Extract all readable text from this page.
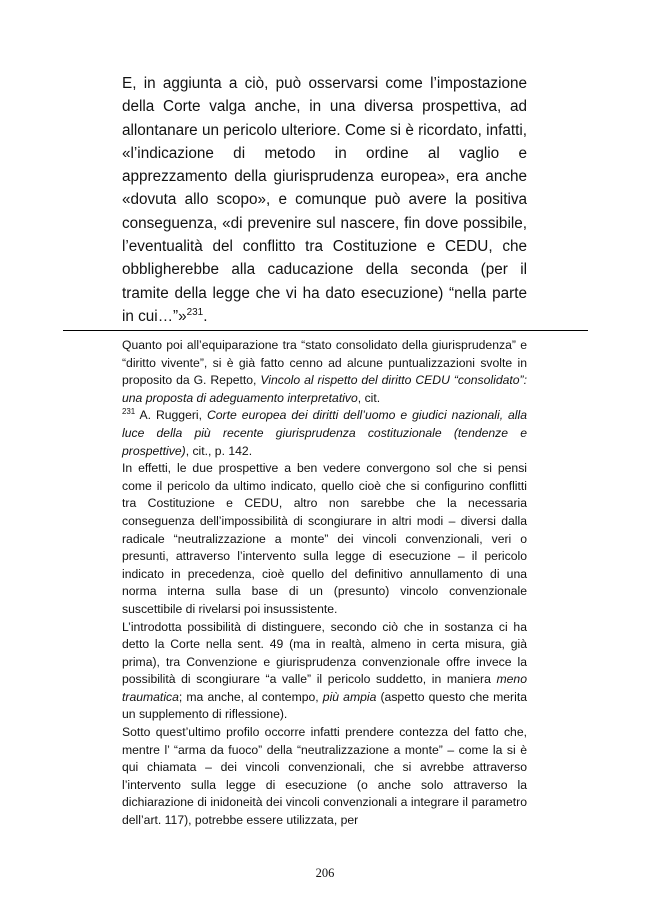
E, in aggiunta a ciò, può osservarsi come l’impostazione della Corte valga anche, in una diversa prospettiva, ad allontanare un pericolo ulteriore. Come si è ricordato, infatti, «l’indicazione di metodo in ordine al vaglio e apprezzamento della giurisprudenza europea», era anche «dovuta allo scopo», e comunque può avere la positiva conseguenza, «di prevenire sul nascere, fin dove possibile, l’eventualità del conflitto tra Costituzione e CEDU, che obbligherebbe alla caducazione della seconda (per il tramite della legge che vi ha dato esecuzione) “nella parte in cui…”»$^{231}$.

Quanto poi all’equiparazione tra “stato consolidato della giurisprudenza” e “diritto vivente”, si è già fatto cenno ad alcune puntualizzazioni svolte in proposito da G. Repetto, Vincolo al rispetto del diritto CEDU “consolidato”: una proposta di adeguamento interpretativo, cit.

$^{231}$ A. Ruggeri, Corte europea dei diritti dell’uomo e giudici nazionali, alla luce della più recente giurisprudenza costituzionale (tendenze e prospettive), cit., p. 142.

In effetti, le due prospettive a ben vedere convergono sol che si pensi come il pericolo da ultimo indicato, quello cioè che si configurino conflitti tra Costituzione e CEDU, altro non sarebbe che la necessaria conseguenza dell’impossibilità di scongiurare in altri modi – diversi dalla radicale “neutralizzazione a monte” dei vincoli convenzionali, veri o presunti, attraverso l’intervento sulla legge di esecuzione – il pericolo indicato in precedenza, cioè quello del definitivo annullamento di una norma interna sulla base di un (presunto) vincolo convenzionale suscettibile di rivelarsi poi insussistente.

L’introdotta possibilità di distinguere, secondo ciò che in sostanza ci ha detto la Corte nella sent. 49 (ma in realtà, almeno in certa misura, già prima), tra Convenzione e giurisprudenza convenzionale offre invece la possibilità di scongiurare “a valle” il pericolo suddetto, in maniera meno traumatica; ma anche, al contempo, più ampia (aspetto questo che merita un supplemento di riflessione).

Sotto quest’ultimo profilo occorre infatti prendere contezza del fatto che, mentre l’ “arma da fuoco” della “neutralizzazione a monte” – come la si è qui chiamata – dei vincoli convenzionali, che si avrebbe attraverso l’intervento sulla legge di esecuzione (o anche solo attraverso la dichiarazione di inidoneità dei vincoli convenzionali a integrare il parametro dell’art. 117), potrebbe essere utilizzata, per

206
